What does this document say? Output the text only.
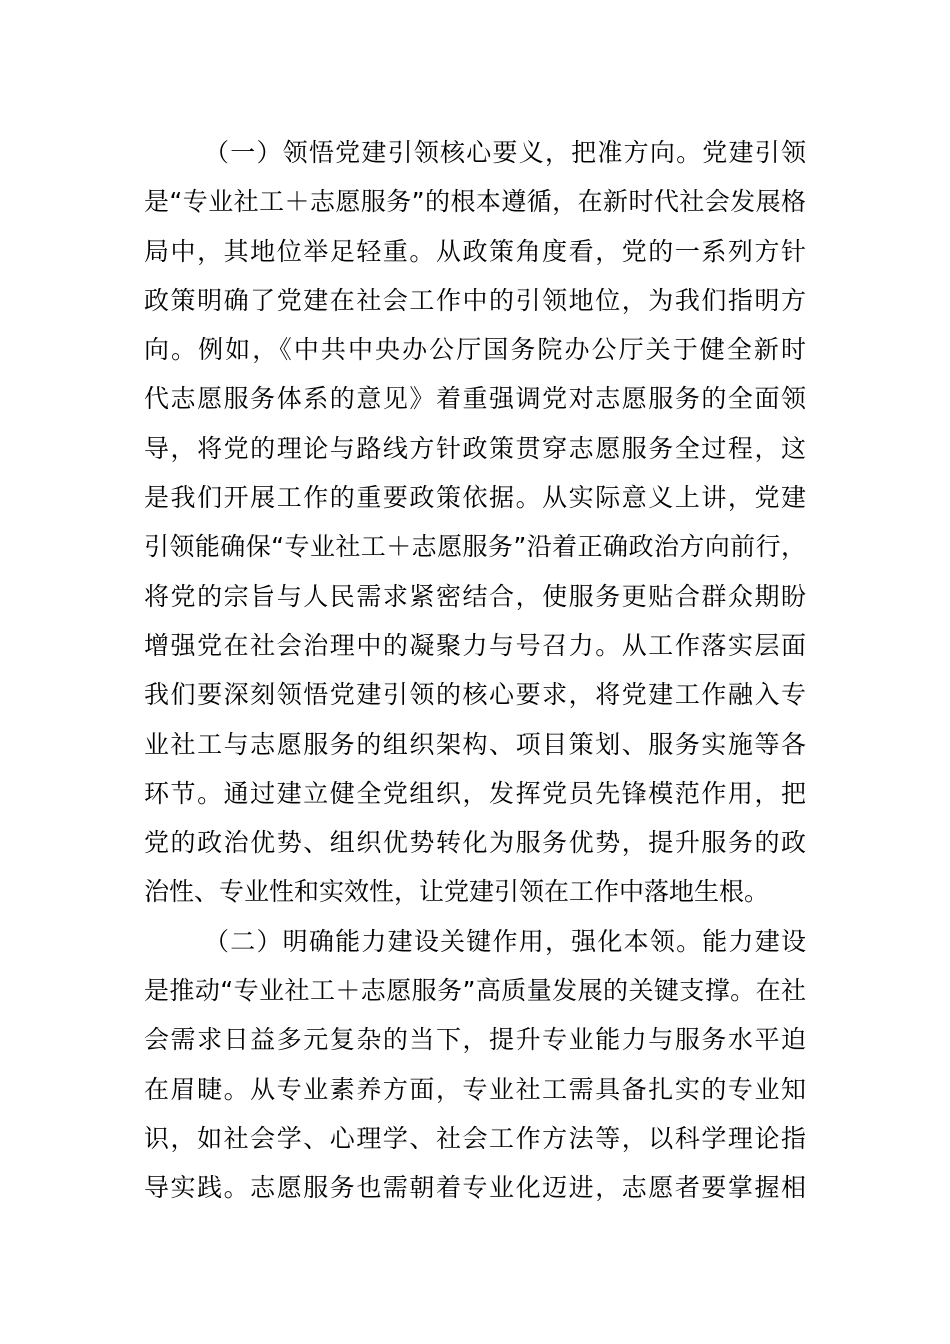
（一）领悟党建引领核心要义，把准方向。党建引领
是“专业社工＋志愿服务”的根本遵循，在新时代社会发展格
局中，其地位举足轻重。从政策角度看，党的一系列方针
政策明确了党建在社会工作中的引领地位，为我们指明方
向。例如，《中共中央办公厅国务院办公厅关于健全新时
代志愿服务体系的意见》着重强调党对志愿服务的全面领
导，将党的理论与路线方针政策贯穿志愿服务全过程，这
是我们开展工作的重要政策依据。从实际意义上讲，党建
引领能确保“专业社工＋志愿服务”沿着正确政治方向前行，
将党的宗旨与人民需求紧密结合，使服务更贴合群众期盼
增强党在社会治理中的凝聚力与号召力。从工作落实层面
我们要深刻领悟党建引领的核心要求，将党建工作融入专
业社工与志愿服务的组织架构、项目策划、服务实施等各
环节。通过建立健全党组织，发挥党员先锋模范作用，把
党的政治优势、组织优势转化为服务优势，提升服务的政
治性、专业性和实效性，让党建引领在工作中落地生根。
（二）明确能力建设关键作用，强化本领。能力建设
是推动“专业社工＋志愿服务”高质量发展的关键支撑。在社
会需求日益多元复杂的当下，提升专业能力与服务水平迫
在眉睫。从专业素养方面，专业社工需具备扎实的专业知
识，如社会学、心理学、社会工作方法等，以科学理论指
导实践。志愿服务也需朝着专业化迈进，志愿者要掌握相
